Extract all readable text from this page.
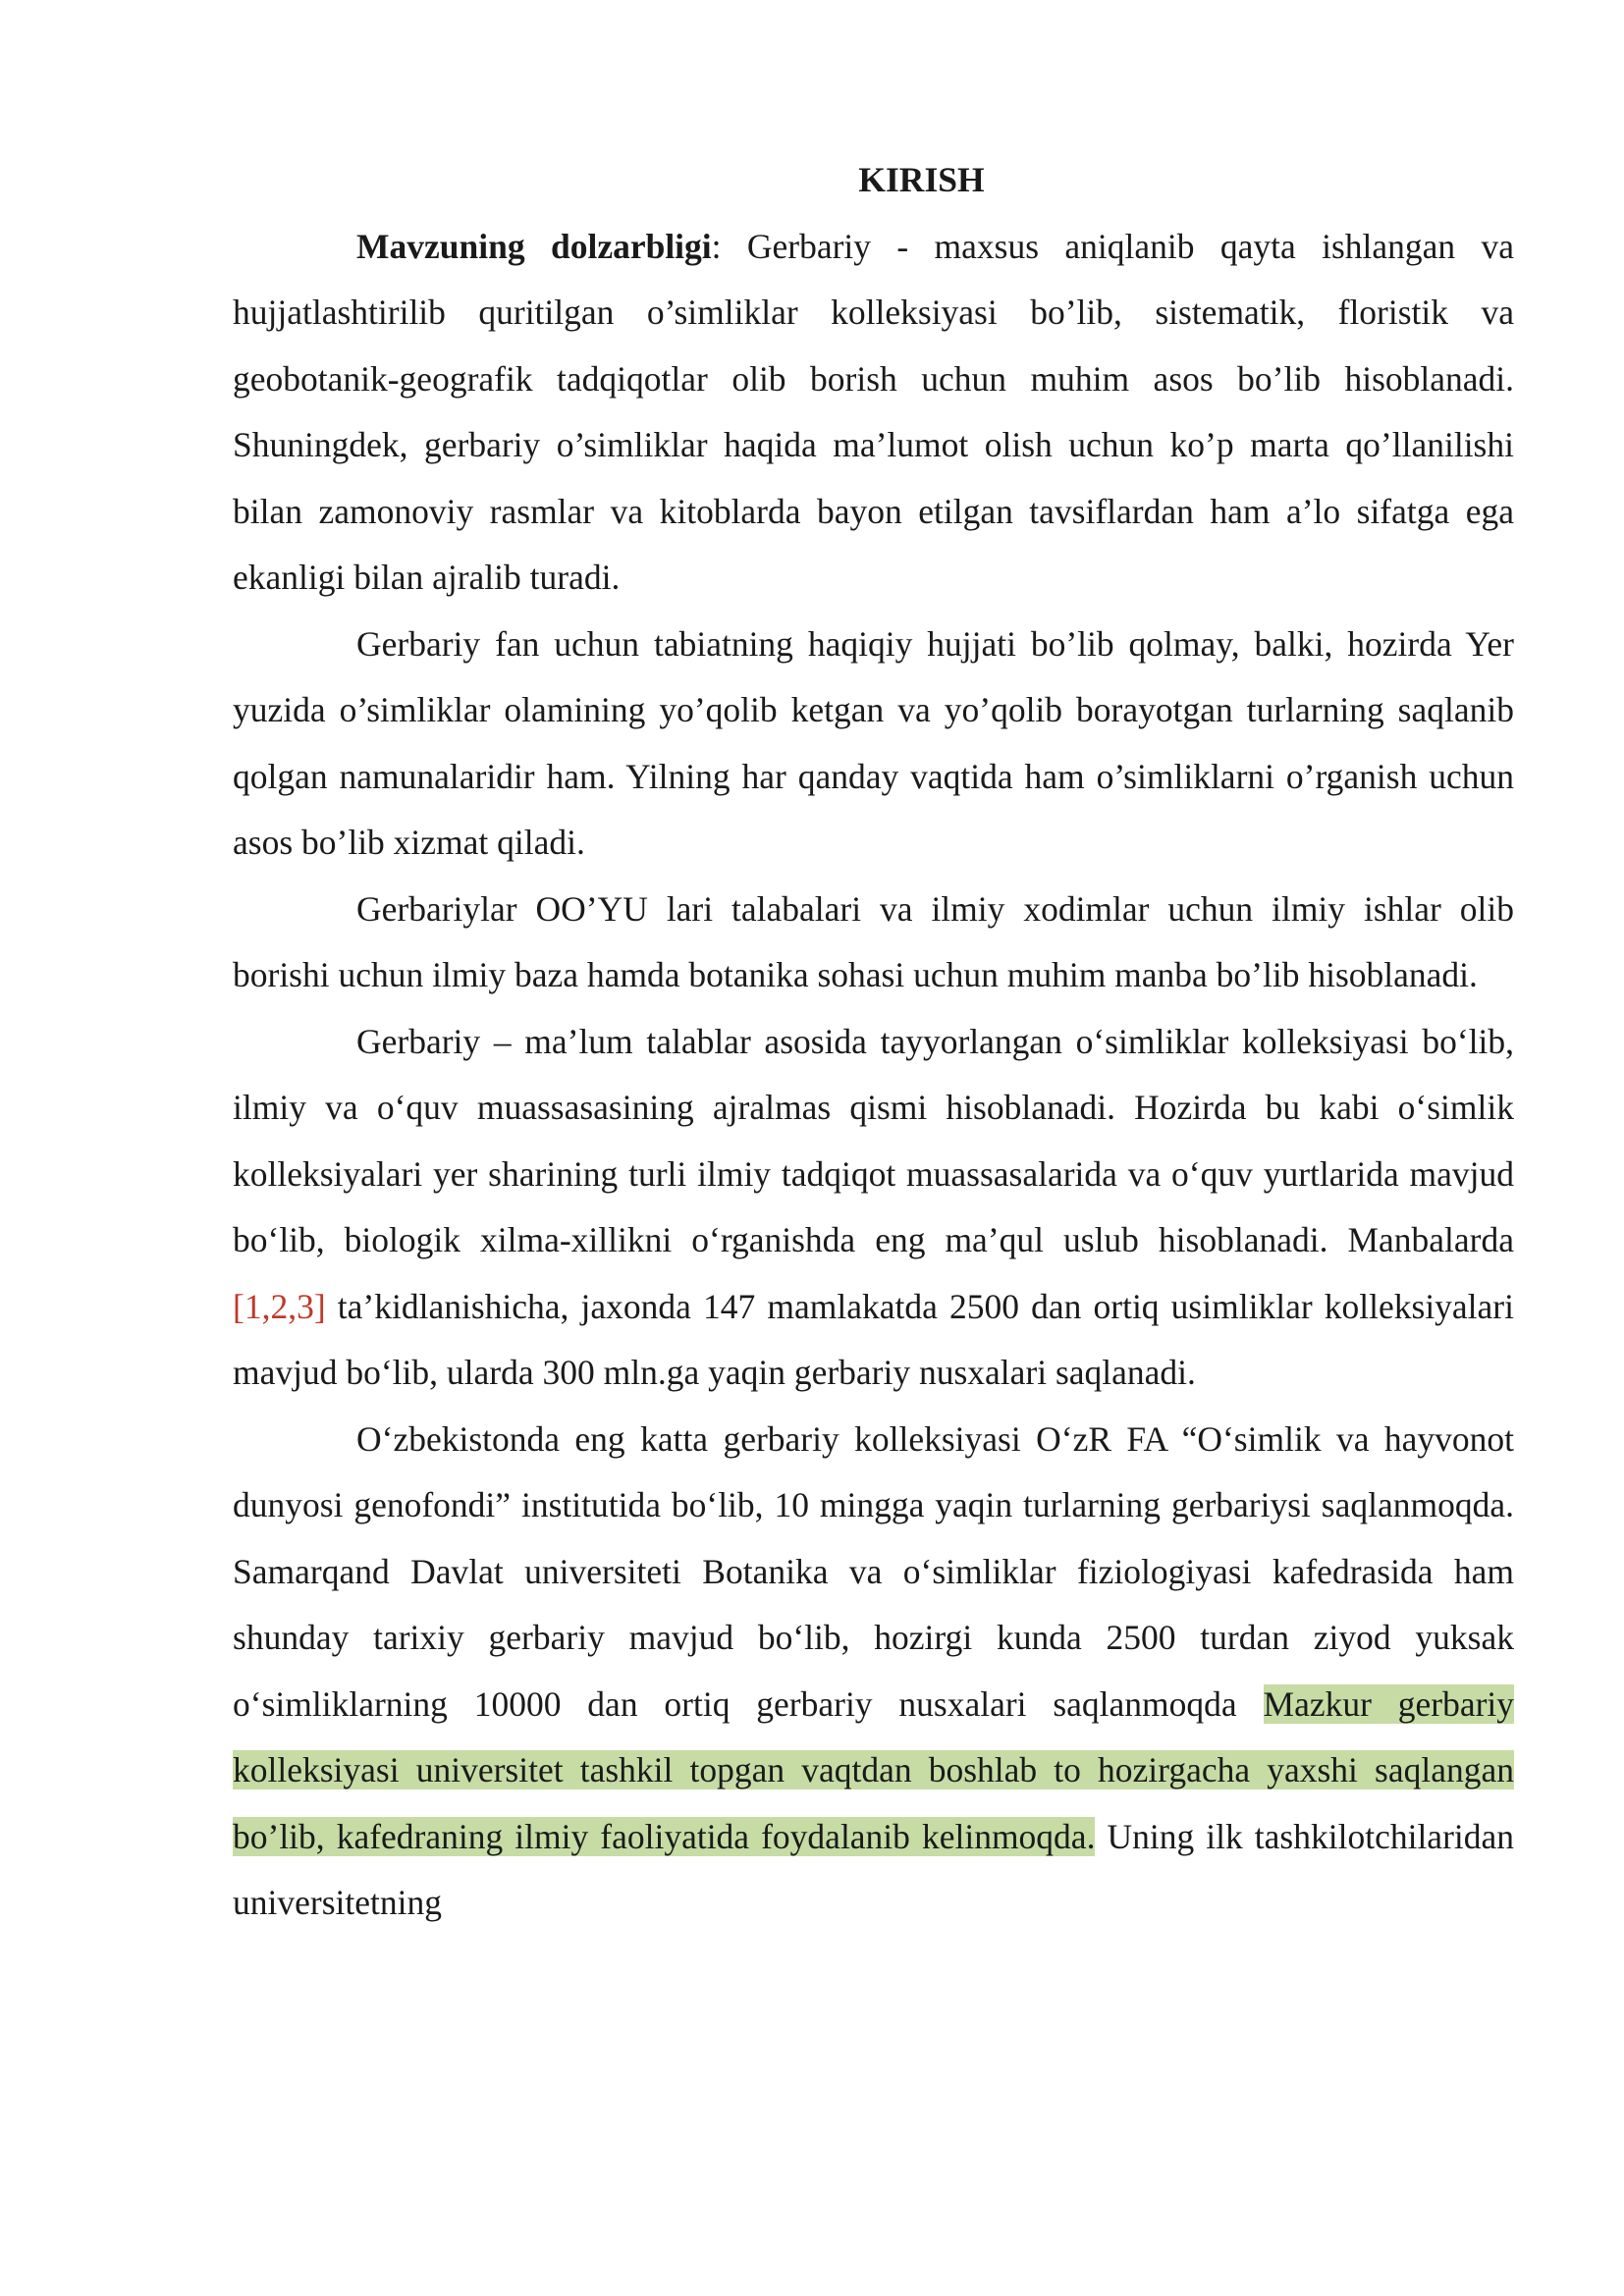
KIRISH

Mavzuning dolzarbligi: Gerbariy - maxsus aniqlanib qayta ishlangan va hujjatlashtirilib quritilgan o’simliklar kolleksiyasi bo’lib, sistematik, floristik va geobotanik-geografik tadqiqotlar olib borish uchun muhim asos bo’lib hisoblanadi. Shuningdek, gerbariy o’simliklar haqida ma’lumot olish uchun ko’p marta qo’llanilishi bilan zamonoviy rasmlar va kitoblarda bayon etilgan tavsiflardan ham a’lo sifatga ega ekanligi bilan ajralib turadi.

Gerbariy fan uchun tabiatning haqiqiy hujjati bo’lib qolmay, balki, hozirda Yer yuzida o’simliklar olamining yo’qolib ketgan va yo’qolib borayotgan turlarning saqlanib qolgan namunalaridir ham. Yilning har qanday vaqtida ham o’simliklarni o’rganish uchun asos bo’lib xizmat qiladi.

Gerbariylar OO’YU lari talabalari va ilmiy xodimlar uchun ilmiy ishlar olib borishi uchun ilmiy baza hamda botanika sohasi uchun muhim manba bo’lib hisoblanadi.

Gerbariy – ma’lum talablar asosida tayyorlangan o‘simliklar kolleksiyasi bo‘lib, ilmiy va o‘quv muassasasining ajralmas qismi hisoblanadi. Hozirda bu kabi o‘simlik kolleksiyalari yer sharining turli ilmiy tadqiqot muassasalarida va o‘quv yurtlarida mavjud bo‘lib, biologik xilma-xillikni o‘rganishda eng ma’qul uslub hisoblanadi. Manbalarda [1,2,3] ta’kidlanishicha, jaxonda 147 mamlakatda 2500 dan ortiq usimliklar kolleksiyalari mavjud bo‘lib, ularda 300 mln.ga yaqin gerbariy nusxalari saqlanadi.

O‘zbekistonda eng katta gerbariy kolleksiyasi O‘zR FA “O‘simlik va hayvonot dunyosi genofondi” institutida bo‘lib, 10 mingga yaqin turlarning gerbariysi saqlanmoqda. Samarqand Davlat universiteti Botanika va o‘simliklar fiziologiyasi kafedrasida ham shunday tarixiy gerbariy mavjud bo‘lib, hozirgi kunda 2500 turdan ziyod yuksak o‘simliklarning 10000 dan ortiq gerbariy nusxalari saqlanmoqda Mazkur gerbariy kolleksiyasi universitet tashkil topgan vaqtdan boshlab to hozirgacha yaxshi saqlangan bo’lib, kafedraning ilmiy faoliyatida foydalanib kelinmoqda. Uning ilk tashkilotchilaridan universitetning
